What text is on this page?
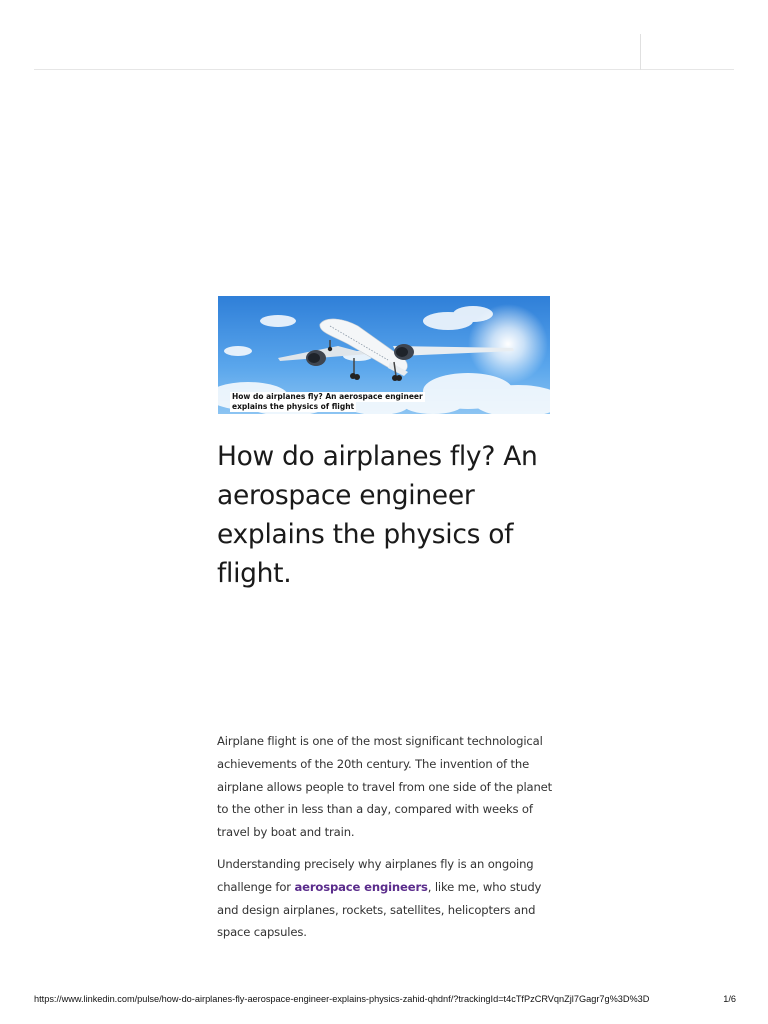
How do airplanes fly? An aerospace engineer
explains the physics of flight
How do airplanes fly? An aerospace engineer explains the physics of flight.

Airplane flight is one of the most significant technological achievements of the 20th century. The invention of the airplane allows people to travel from one side of the planet to the other in less than a day, compared with weeks of travel by boat and train.

Understanding precisely why airplanes fly is an ongoing challenge for aerospace engineers, like me, who study and design airplanes, rockets, satellites, helicopters and space capsules.

https://www.linkedin.com/pulse/how-do-airplanes-fly-aerospace-engineer-explains-physics-zahid-qhdnf/?trackingId=t4cTfPzCRVqnZjl7Gagr7g%3D%3D	1/6
